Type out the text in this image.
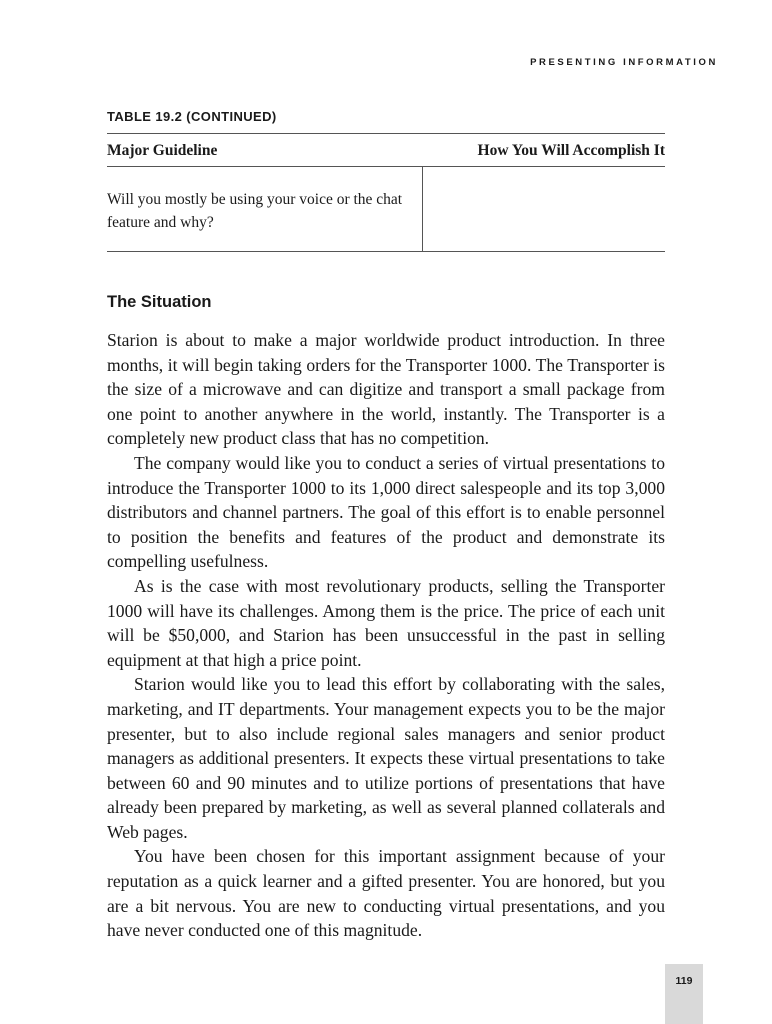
PRESENTING INFORMATION
TABLE 19.2 (CONTINUED)
Major Guideline	How You Will Accomplish It
Will you mostly be using your voice or the chat feature and why?	
The Situation

Starion is about to make a major worldwide product introduction. In three months, it will begin taking orders for the Transporter 1000. The Transporter is the size of a microwave and can digitize and transport a small package from one point to another anywhere in the world, instantly. The Transporter is a completely new product class that has no competition.

The company would like you to conduct a series of virtual presentations to introduce the Transporter 1000 to its 1,000 direct salespeople and its top 3,000 distributors and channel partners. The goal of this effort is to enable personnel to position the benefits and features of the product and demonstrate its compelling usefulness.

As is the case with most revolutionary products, selling the Transporter 1000 will have its challenges. Among them is the price. The price of each unit will be $50,000, and Starion has been unsuccessful in the past in selling equipment at that high a price point.

Starion would like you to lead this effort by collaborating with the sales, marketing, and IT departments. Your management expects you to be the major presenter, but to also include regional sales managers and senior product managers as additional presenters. It expects these virtual presentations to take between 60 and 90 minutes and to utilize portions of presentations that have already been prepared by marketing, as well as several planned collaterals and Web pages.

You have been chosen for this important assignment because of your reputation as a quick learner and a gifted presenter. You are honored, but you are a bit nervous. You are new to conducting virtual presentations, and you have never conducted one of this magnitude.

119
